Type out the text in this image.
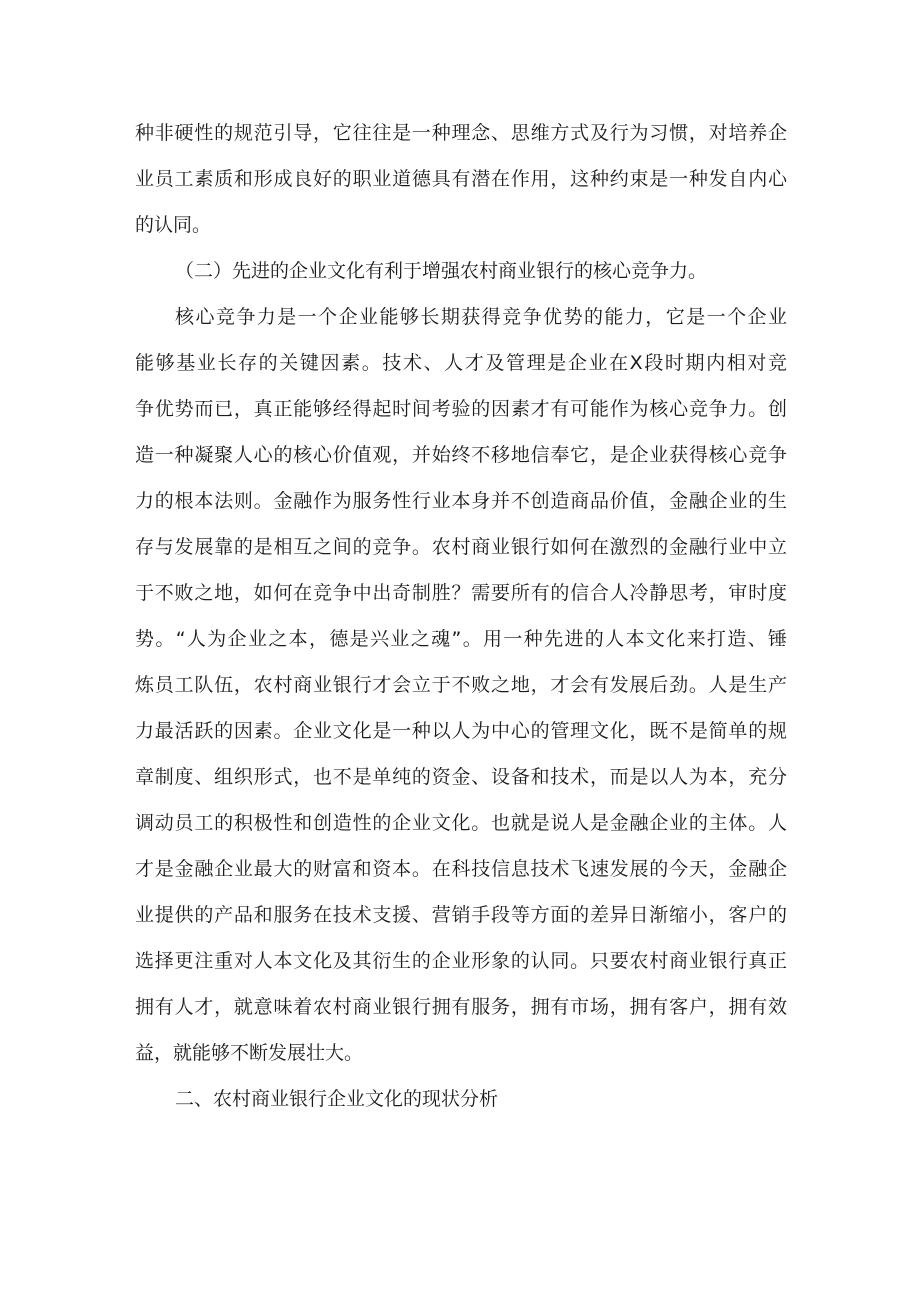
种非硬性的规范引导，它往往是一种理念、思维方式及行为习惯，对培养企
业员工素质和形成良好的职业道德具有潜在作用，这种约束是一种发自内心
的认同。
（二）先进的企业文化有利于增强农村商业银行的核心竞争力。
核心竞争力是一个企业能够长期获得竞争优势的能力，它是一个企业
能够基业长存的关键因素。技术、人才及管理是企业在X段时期内相对竞
争优势而已，真正能够经得起时间考验的因素才有可能作为核心竞争力。创
造一种凝聚人心的核心价值观，并始终不移地信奉它，是企业获得核心竞争
力的根本法则。金融作为服务性行业本身并不创造商品价值，金融企业的生
存与发展靠的是相互之间的竞争。农村商业银行如何在激烈的金融行业中立
于不败之地，如何在竞争中出奇制胜？需要所有的信合人冷静思考，审时度
势。“人为企业之本，德是兴业之魂”。用一种先进的人本文化来打造、锤
炼员工队伍，农村商业银行才会立于不败之地，才会有发展后劲。人是生产
力最活跃的因素。企业文化是一种以人为中心的管理文化，既不是简单的规
章制度、组织形式，也不是单纯的资金、设备和技术，而是以人为本，充分
调动员工的积极性和创造性的企业文化。也就是说人是金融企业的主体。人
才是金融企业最大的财富和资本。在科技信息技术飞速发展的今天，金融企
业提供的产品和服务在技术支援、营销手段等方面的差异日渐缩小，客户的
选择更注重对人本文化及其衍生的企业形象的认同。只要农村商业银行真正
拥有人才，就意味着农村商业银行拥有服务，拥有市场，拥有客户，拥有效
益，就能够不断发展壮大。
二、农村商业银行企业文化的现状分析
